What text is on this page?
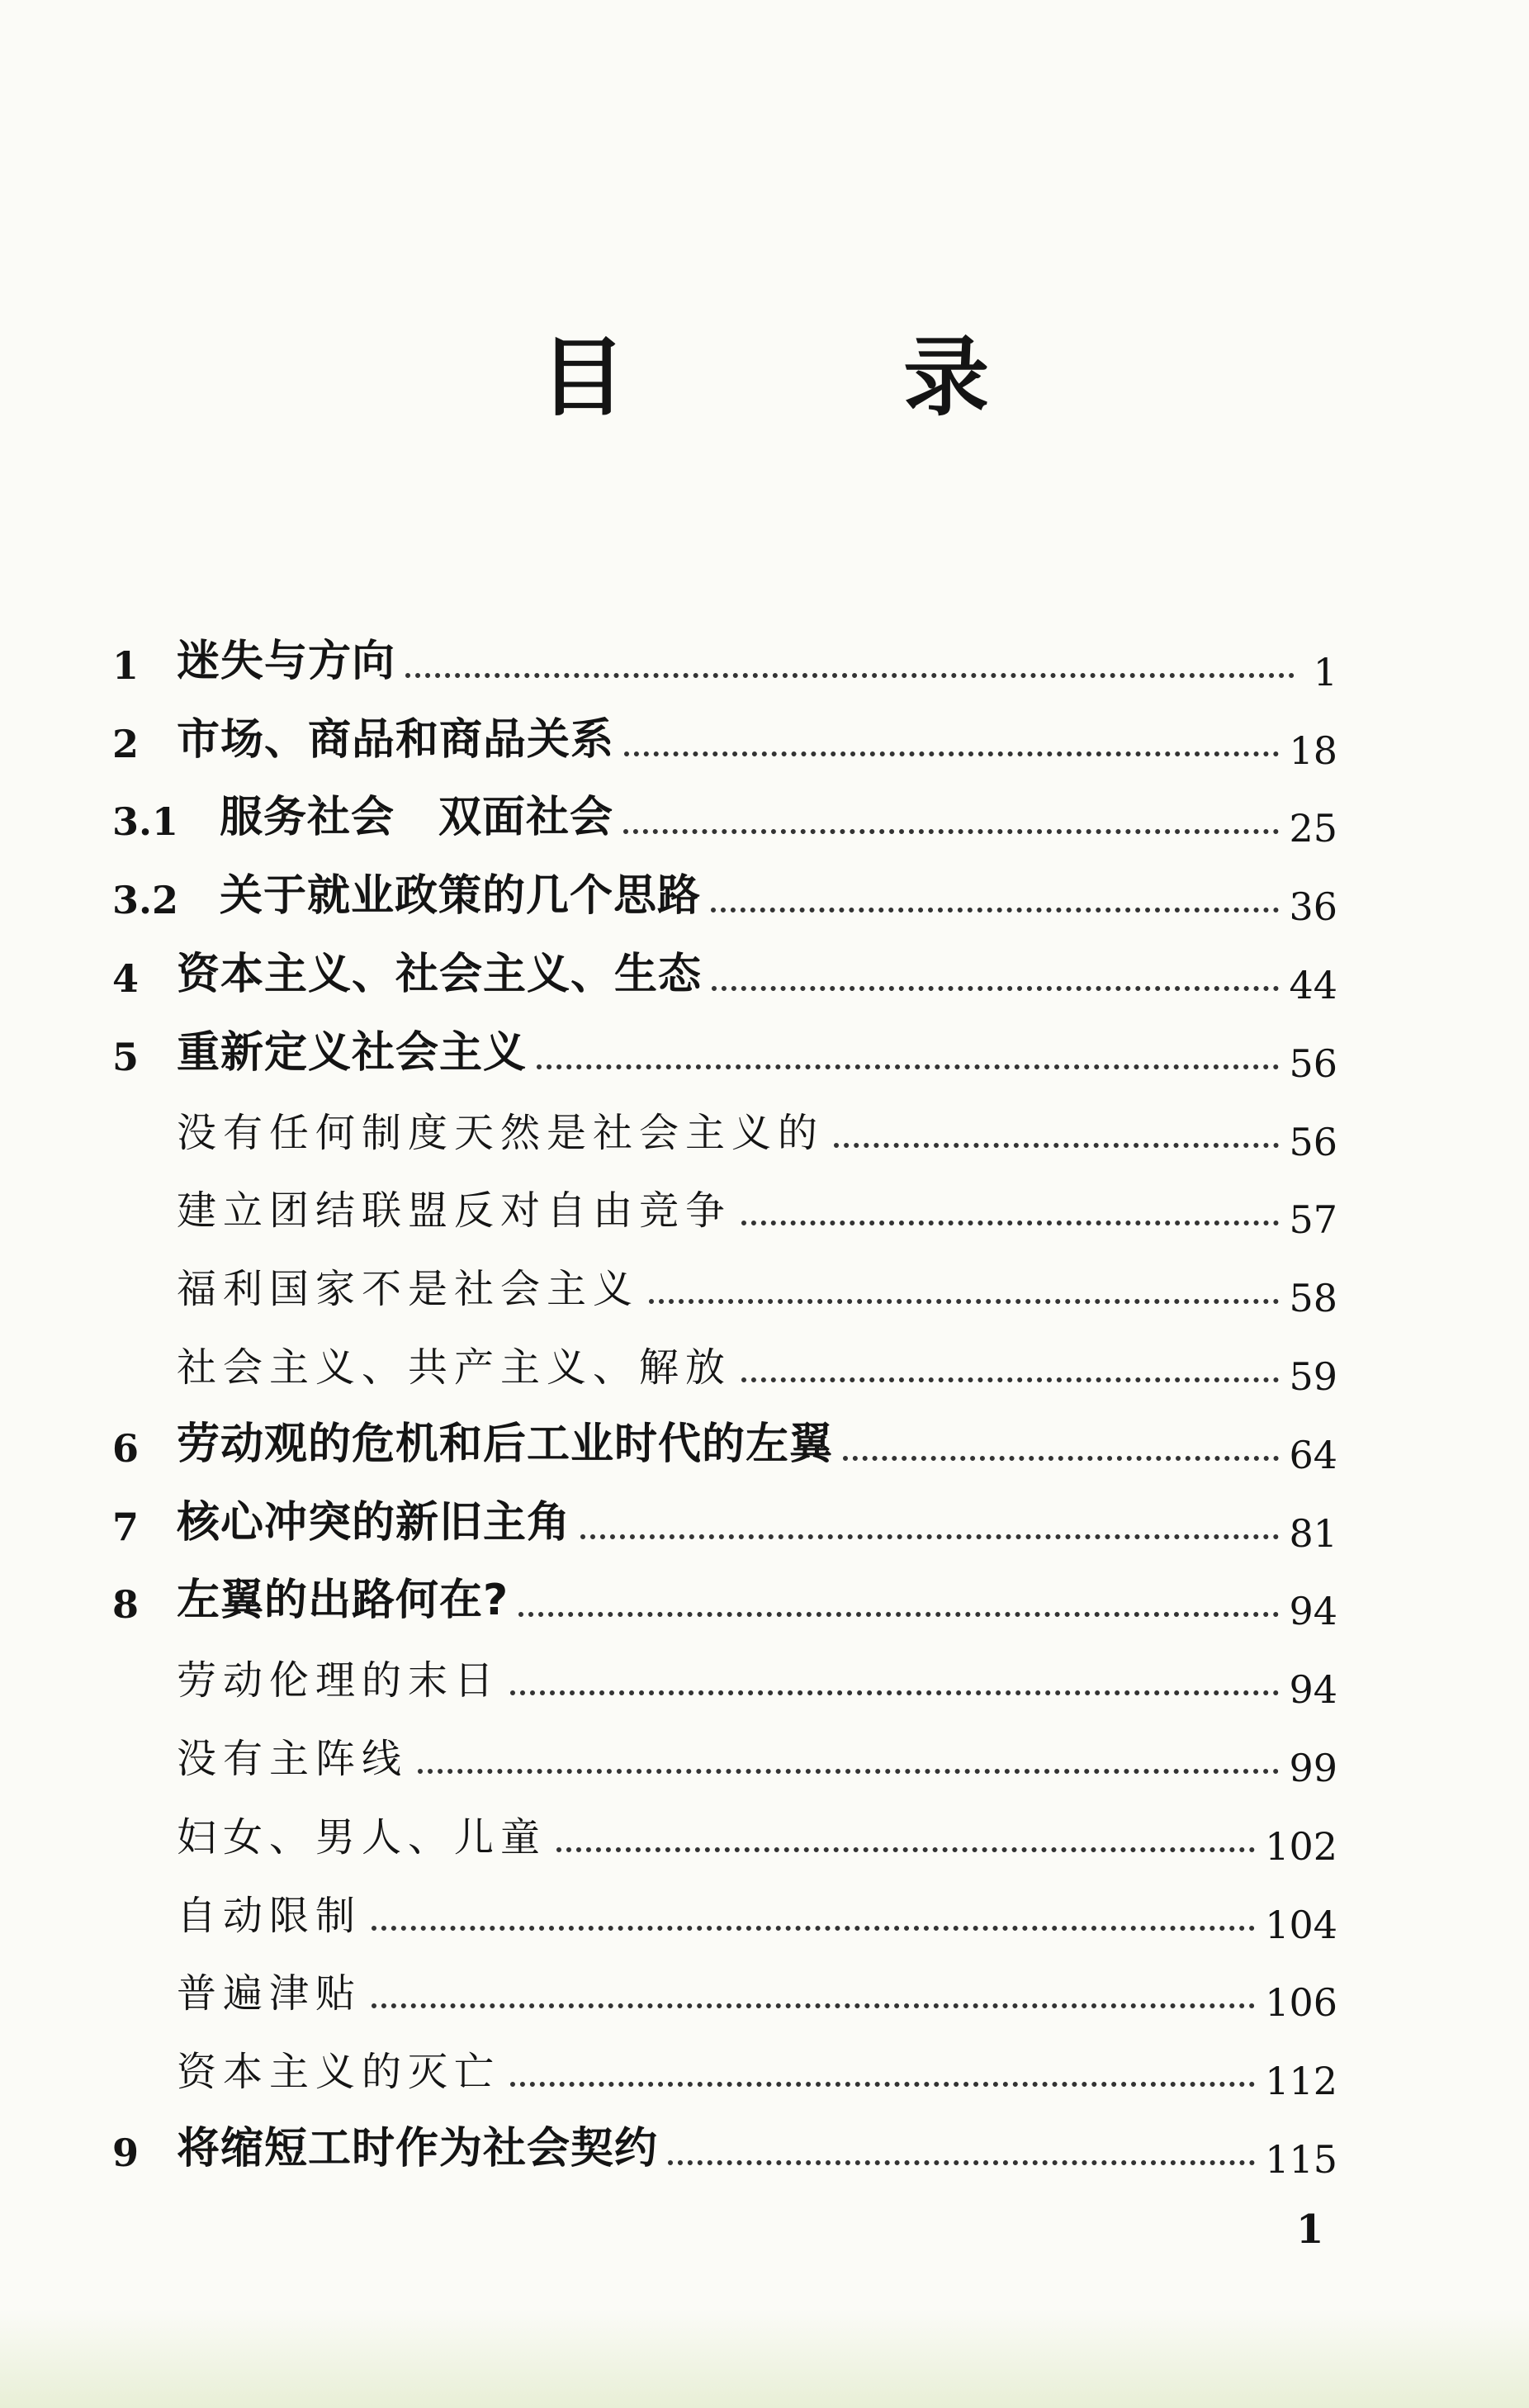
目 录
1 迷失与方向	1
2 市场、商品和商品关系	18
3.1 服务社会　双面社会	25
3.2 关于就业政策的几个思路	36
4 资本主义、社会主义、生态	44
5 重新定义社会主义	56
没有任何制度天然是社会主义的	56
建立团结联盟反对自由竞争	57
福利国家不是社会主义	58
社会主义、共产主义、解放	59
6 劳动观的危机和后工业时代的左翼	64
7 核心冲突的新旧主角	81
8 左翼的出路何在?	94
劳动伦理的末日	94
没有主阵线	99
妇女、男人、儿童	102
自动限制	104
普遍津贴	106
资本主义的灭亡	112
9 将缩短工时作为社会契约	115
1
